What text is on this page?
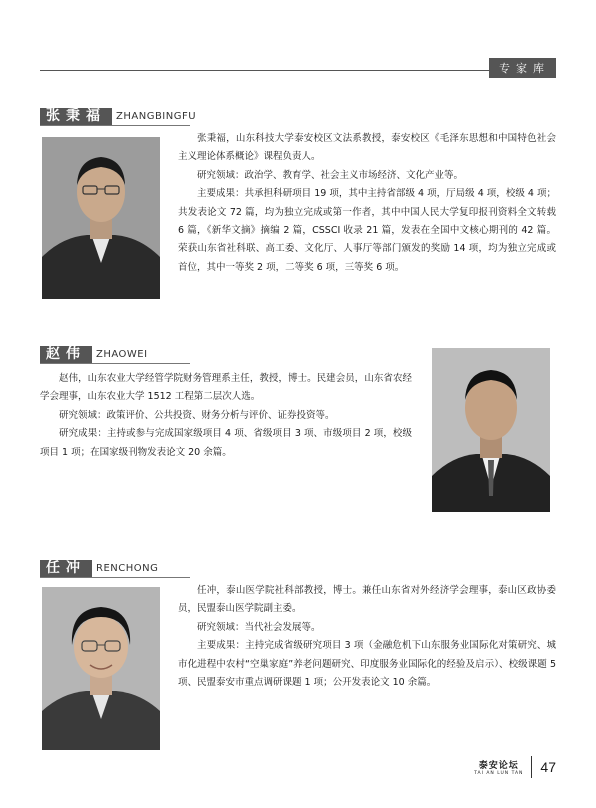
专家库
张秉福	ZHANGBINGFU

张秉福，山东科技大学泰安校区文法系教授，泰安校区《毛泽东思想和中国特色社会主义理论体系概论》课程负责人。

研究领域：政治学、教育学、社会主义市场经济、文化产业等。

主要成果：共承担科研项目 19 项，其中主持省部级 4 项，厅局级 4 项，校级 4 项；共发表论文 72 篇，均为独立完成或第一作者，其中中国人民大学复印报刊资料全文转载 6 篇，《新华文摘》摘编 2 篇，CSSCI 收录 21 篇，发表在全国中文核心期刊的 42 篇。荣获山东省社科联、高工委、文化厅、人事厅等部门颁发的奖励 14 项，均为独立完成或首位，其中一等奖 2 项，二等奖 6 项，三等奖 6 项。

赵伟	ZHAOWEI

赵伟，山东农业大学经管学院财务管理系主任，教授，博士。民建会员，山东省农经学会理事，山东农业大学 1512 工程第二层次人选。

研究领域：政策评价、公共投资、财务分析与评价、证券投资等。

研究成果：主持或参与完成国家级项目 4 项、省级项目 3 项、市级项目 2 项，校级项目 1 项；在国家级刊物发表论文 20 余篇。

任冲	RENCHONG

任冲，泰山医学院社科部教授，博士。兼任山东省对外经济学会理事，泰山区政协委员，民盟泰山医学院副主委。

研究领域：当代社会发展等。

主要成果：主持完成省级研究项目 3 项（金融危机下山东服务业国际化对策研究、城市化进程中农村“空巢家庭”养老问题研究、印度服务业国际化的经验及启示）、校级课题 5 项、民盟泰安市重点调研课题 1 项；公开发表论文 10 余篇。

泰安论坛
TAI AN LUN TAN 47
